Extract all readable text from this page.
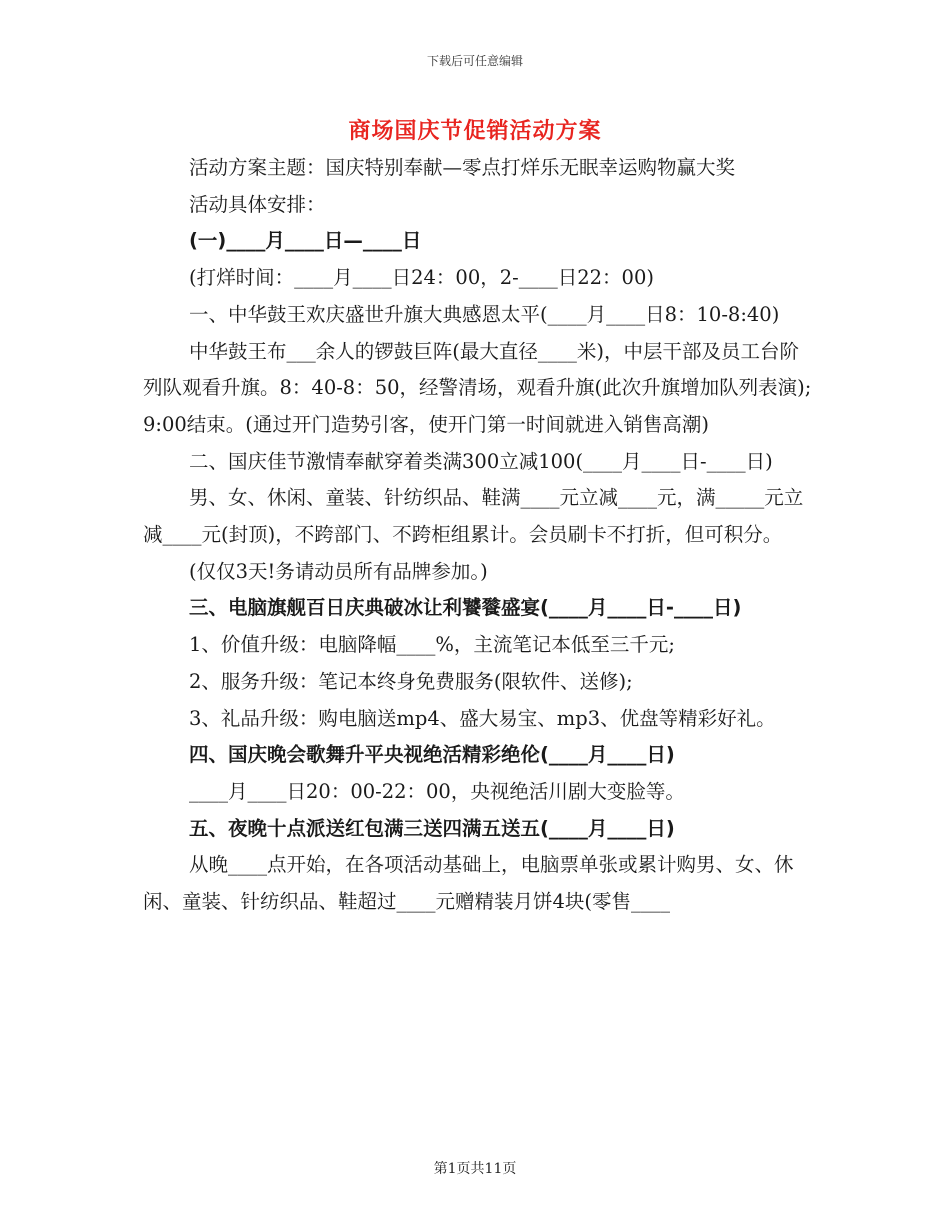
下载后可任意编辑
商场国庆节促销活动方案

活动方案主题：国庆特别奉献—零点打烊乐无眠幸运购物赢大奖

活动具体安排：

(一)____月____日—____日

(打烊时间：____月____日24：00，2-____日22：00)

一、中华鼓王欢庆盛世升旗大典感恩太平(____月____日8：10-8:40)

中华鼓王布___余人的锣鼓巨阵(最大直径____米)，中层干部及员工台阶列队观看升旗。8：40-8：50，经警清场，观看升旗(此次升旗增加队列表演);9:00结束。(通过开门造势引客，使开门第一时间就进入销售高潮)

二、国庆佳节激情奉献穿着类满300立减100(____月____日-____日)

男、女、休闲、童装、针纺织品、鞋满____元立减____元，满_____元立减____元(封顶)，不跨部门、不跨柜组累计。会员刷卡不打折，但可积分。

(仅仅3天!务请动员所有品牌参加。)

三、电脑旗舰百日庆典破冰让利饕餮盛宴(____月____日-____日)

1、价值升级：电脑降幅____%，主流笔记本低至三千元;

2、服务升级：笔记本终身免费服务(限软件、送修);

3、礼品升级：购电脑送mp4、盛大易宝、mp3、优盘等精彩好礼。

四、国庆晚会歌舞升平央视绝活精彩绝伦(____月____日)

____月____日20：00-22：00，央视绝活川剧大变脸等。

五、夜晚十点派送红包满三送四满五送五(____月____日)

从晚____点开始，在各项活动基础上，电脑票单张或累计购男、女、休闲、童装、针纺织品、鞋超过____元赠精装月饼4块(零售____

第1页共11页
